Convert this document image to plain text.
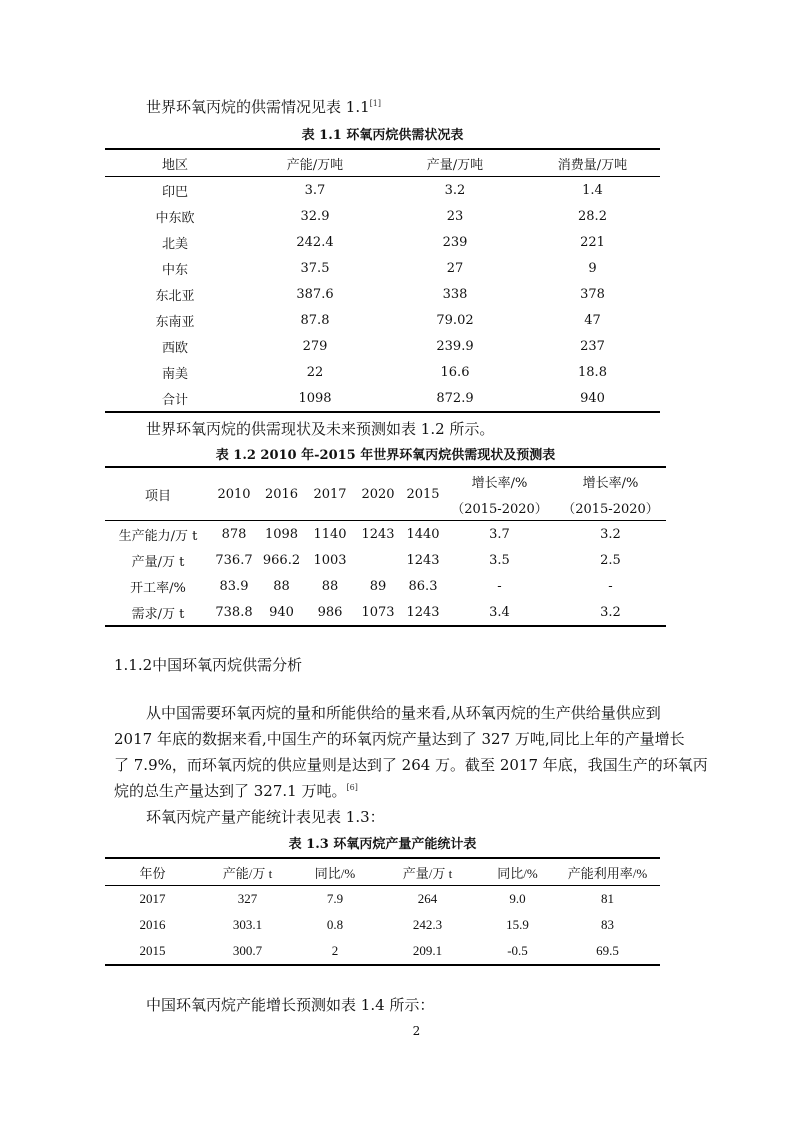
世界环氧丙烷的供需情况见表 1.1[1]
表 1.1 环氧丙烷供需状况表
地区	产能/万吨	产量/万吨	消费量/万吨
印巴	3.7	3.2	1.4
中东欧	32.9	23	28.2
北美	242.4	239	221
中东	37.5	27	9
东北亚	387.6	338	378
东南亚	87.8	79.02	47
西欧	279	239.9	237
南美	22	16.6	18.8
合计	1098	872.9	940
世界环氧丙烷的供需现状及未来预测如表 1.2 所示。
表 1.2 2010 年-2015 年世界环氧丙烷供需现状及预测表
项目	2010	2016	2017	2020	2015	增长率/%	增长率/%
						（2015-2020）	（2015-2020）
生产能力/万 t	878	1098	1140	1243	1440	3.7	3.2
产量/万 t	736.7	966.2	1003		1243	3.5	2.5
开工率/%	83.9	88	88	89	86.3	-	-
需求/万 t	738.8	940	986	1073	1243	3.4	3.2
1.1.2中国环氧丙烷供需分析
从中国需要环氧丙烷的量和所能供给的量来看,从环氧丙烷的生产供给量供应到
2017 年底的数据来看,中国生产的环氧丙烷产量达到了 327 万吨,同比上年的产量增长
了 7.9%，而环氧丙烷的供应量则是达到了 264 万。截至 2017 年底，我国生产的环氧丙
烷的总生产量达到了 327.1 万吨。[6]
环氧丙烷产量产能统计表见表 1.3：
表 1.3 环氧丙烷产量产能统计表
年份	产能/万 t	同比/%	产量/万 t	同比/%	产能利用率/%
2017	327	7.9	264	9.0	81
2016	303.1	0.8	242.3	15.9	83
2015	300.7	2	209.1	-0.5	69.5
中国环氧丙烷产能增长预测如表 1.4 所示：
2
